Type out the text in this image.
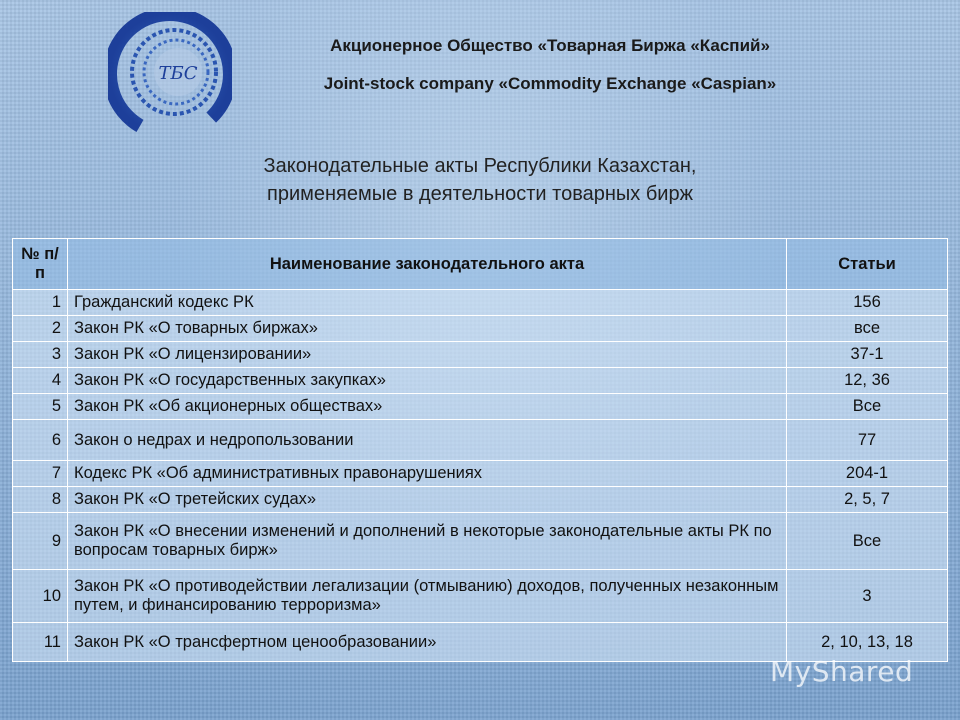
ТБС
Акционерное Общество «Товарная Биржа «Каспий»
Joint-stock company «Commodity Exchange «Caspian»
Законодательные акты Республики Казахстан,
применяемые в деятельности товарных бирж
№ п/п	Наименование законодательного акта	Статьи
1	Гражданский кодекс РК	156
2	Закон РК «О товарных биржах»	все
3	Закон РК «О лицензировании»	37-1
4	Закон РК «О государственных закупках»	12, 36
5	Закон РК «Об акционерных обществах»	Все
6	Закон о недрах и недропользовании	77
7	Кодекс РК «Об административных правонарушениях	204-1
8	Закон РК «О третейских судах»	2, 5, 7
9	Закон РК «О внесении изменений и дополнений в некоторые законодательные акты РК по вопросам товарных бирж»	Все
10	Закон РК «О противодействии легализации (отмыванию) доходов, полученных незаконным путем, и финансированию терроризма»	3
11	Закон РК «О трансфертном ценообразовании»	2, 10, 13, 18
MyShared
